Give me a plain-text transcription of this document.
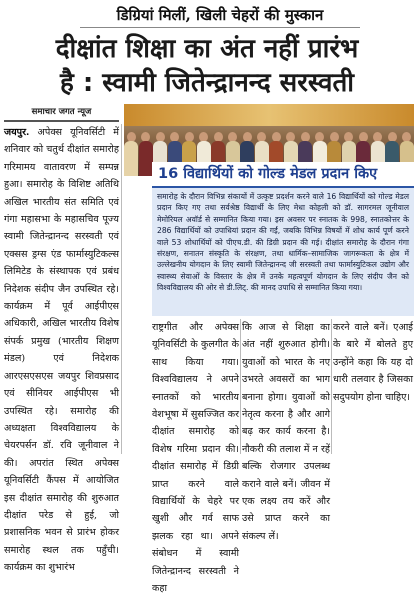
डिग्रियां मिलीं, खिली चेहरों की मुस्कान
दीक्षांत शिक्षा का अंत नहीं प्रारंभ
है : स्वामी जितेन्द्रानन्द सरस्वती
समाचार जगत न्यूज
जयपुर. अपेक्स यूनिवर्सिटी में शनिवार को चतुर्थ दीक्षांत समारोह गरिमामय वातावरण में सम्पन्न हुआ। समारोह के विशिष्ट अतिथि अखिल भारतीय संत समिति एवं गंगा महासभा के महासचिव पूज्य स्वामी जितेन्द्रानन्द सरस्वती एवं एक्सस ड्रग्स एंड फार्मास्युटिकल्स लिमिटेड के संस्थापक एवं प्रबंध निदेशक संदीप जैन उपस्थित रहे। कार्यक्रम में पूर्व आईपीएस अधिकारी, अखिल भारतीय विशेष संपर्क प्रमुख (भारतीय शिक्षण मंडल) एवं निदेशक आरएसएसएस जयपुर शिवप्रसाद एवं सीनियर आईपीएस भी उपस्थित रहे। समारोह की अध्यक्षता विश्वविद्यालय के चेयरपर्सन डॉ. रवि जूनीवाल ने की। अपरांत स्थित अपेक्स यूनिवर्सिटी कैंपस में आयोजित इस दीक्षांत समारोह की शुरुआत दीक्षांत परेड से हुई, जो प्रशासनिक भवन से प्रारंभ होकर समारोह स्थल तक पहुँची। कार्यक्रम का शुभारंभ
16 विद्यार्थियों को गोल्ड मेडल प्रदान किए
समारोह के दौरान विभिन्न संकायों में उत्कृष्ट प्रदर्शन करने वाले 16 विद्यार्थियों को गोल्ड मेडल प्रदान किए गए तथा सर्वश्रेष्ठ विद्यार्थी के लिए मेधा कोहली को डॉ. सागरमल जूनीवाल मेमोरियल अवॉर्ड से सम्मानित किया गया। इस अवसर पर स्नातक के 998, स्नातकोत्तर के 286 विद्यार्थियों को उपाधियां प्रदान की गईं, जबकि विभिन्न विषयों में शोध कार्य पूर्ण करने वाले 53 शोधार्थियों को पीएच.डी. की डिग्री प्रदान की गई। दीक्षांत समारोह के दौरान गंगा संरक्षण, सनातन संस्कृति के संरक्षण, तथा धार्मिक–सामाजिक जागरूकता के क्षेत्र में उल्लेखनीय योगदान के लिए स्वामी जितेन्द्रानन्द जी सरस्वती तथा फार्मास्युटिकल उद्योग और स्वास्थ्य सेवाओं के विस्तार के क्षेत्र में उनके महत्वपूर्ण योगदान के लिए संदीप जैन को विश्वविद्यालय की ओर से डी.लिट्. की मानद उपाधि से सम्मानित किया गया।
राष्ट्रगीत और अपेक्स यूनिवर्सिटी के कुलगीत के साथ किया गया। विश्वविद्यालय ने अपने स्नातकों को भारतीय वेशभूषा में सुसज्जित कर दीक्षांत समारोह को विशेष गरिमा प्रदान की। दीक्षांत समारोह में डिग्री प्राप्त करने वाले विद्यार्थियों के चेहरे पर खुशी और गर्व साफ झलक रहा था। अपने संबोधन में स्वामी जितेन्द्रानन्द सरस्वती ने कहा
कि आज से शिक्षा का अंत नहीं शुरुआत होगी। युवाओं को भारत के नए उभरते अवसरों का भाग बनाना होगा। युवाओं को नेतृत्व करना है और आगे बढ़ कर कार्य करना है। नौकरी की तलाश में न रहें बल्कि रोजगार उपलब्ध कराने वाले बनें। जीवन में एक लक्ष्य तय करें और उसे प्राप्त करने का संकल्प लें।
करने वाले बनें। एआई के बारे में बोलते हुए उन्होंने कहा कि यह दो धारी तलवार है जिसका सदुपयोग होना चाहिए।
